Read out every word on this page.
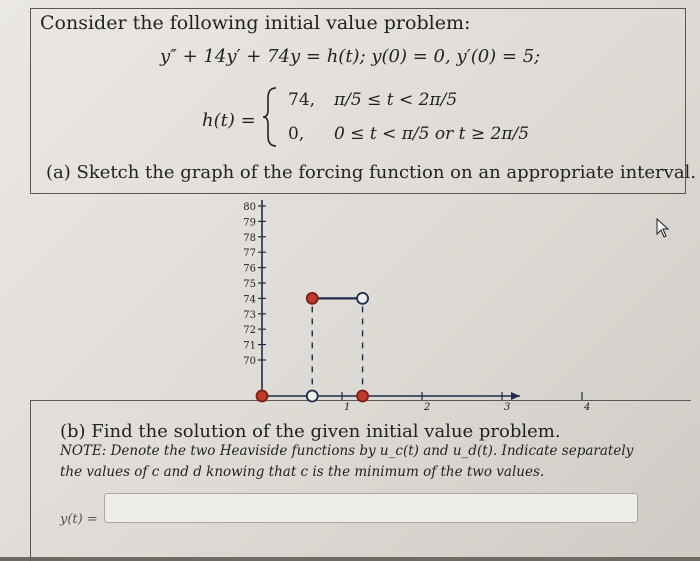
Consider the following initial value problem:
y″ + 14y′ + 74y = h(t); y(0) = 0, y′(0) = 5;
h(t) =
74, π/5 ≤ t < 2π/5
0, 0 ≤ t < π/5 or t ≥ 2π/5
(a) Sketch the graph of the forcing function on an appropriate interval.
80
79
78
77
76
75
74
73
72
71
70
1	2	3	4
(b) Find the solution of the given initial value problem.
NOTE: Denote the two Heaviside functions by u_c(t) and u_d(t). Indicate separately
the values of c and d knowing that c is the minimum of the two values.
y(t) =
